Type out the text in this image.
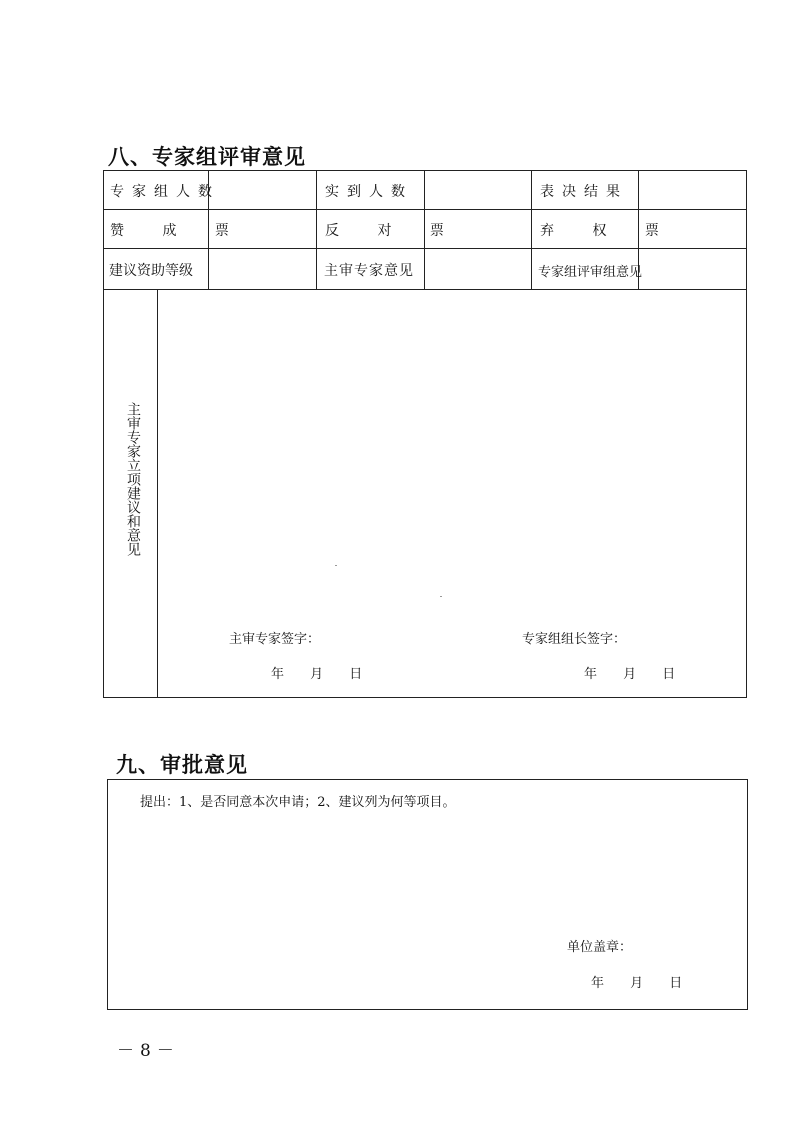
八、专家组评审意见
专家组人数	实到人数	表决结果
赞 成 票	反 对 票	弃 权 票
建议资助等级	主审专家意见	专家组评审组意见
主审专家立项建议和意见
主审专家签字：	专家组组长签字：
年 月 日	年 月 日
九、审批意见
提出：1、是否同意本次申请；2、建议列为何等项目。
单位盖章：
年 月 日
－8－
